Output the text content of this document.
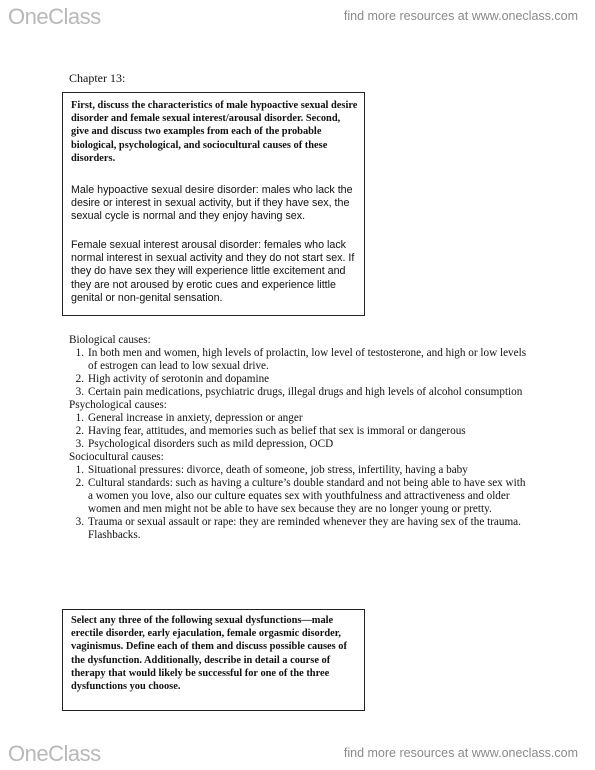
OneClass	find more resources at www.oneclass.com
Chapter 13:

First, discuss the characteristics of male hypoactive sexual desire disorder and female sexual interest/arousal disorder. Second, give and discuss two examples from each of the probable biological, psychological, and sociocultural causes of these disorders.

Male hypoactive sexual desire disorder: males who lack the desire or interest in sexual activity, but if they have sex, the sexual cycle is normal and they enjoy having sex.

Female sexual interest arousal disorder: females who lack normal interest in sexual activity and they do not start sex. If they do have sex they will experience little excitement and they are not aroused by erotic cues and experience little genital or non-genital sensation.

Biological causes:

1. In both men and women, high levels of prolactin, low level of testosterone, and high or low levels of estrogen can lead to low sexual drive.
2. High activity of serotonin and dopamine
3. Certain pain medications, psychiatric drugs, illegal drugs and high levels of alcohol consumption

Psychological causes:

1. General increase in anxiety, depression or anger
2. Having fear, attitudes, and memories such as belief that sex is immoral or dangerous
3. Psychological disorders such as mild depression, OCD

Sociocultural causes:

1. Situational pressures: divorce, death of someone, job stress, infertility, having a baby
2. Cultural standards: such as having a culture’s double standard and not being able to have sex with a women you love, also our culture equates sex with youthfulness and attractiveness and older women and men might not be able to have sex because they are no longer young or pretty.
3. Trauma or sexual assault or rape: they are reminded whenever they are having sex of the trauma. Flashbacks.

Select any three of the following sexual dysfunctions—male erectile disorder, early ejaculation, female orgasmic disorder, vaginismus. Define each of them and discuss possible causes of the dysfunction. Additionally, describe in detail a course of therapy that would likely be successful for one of the three dysfunctions you choose.

OneClass	find more resources at www.oneclass.com
